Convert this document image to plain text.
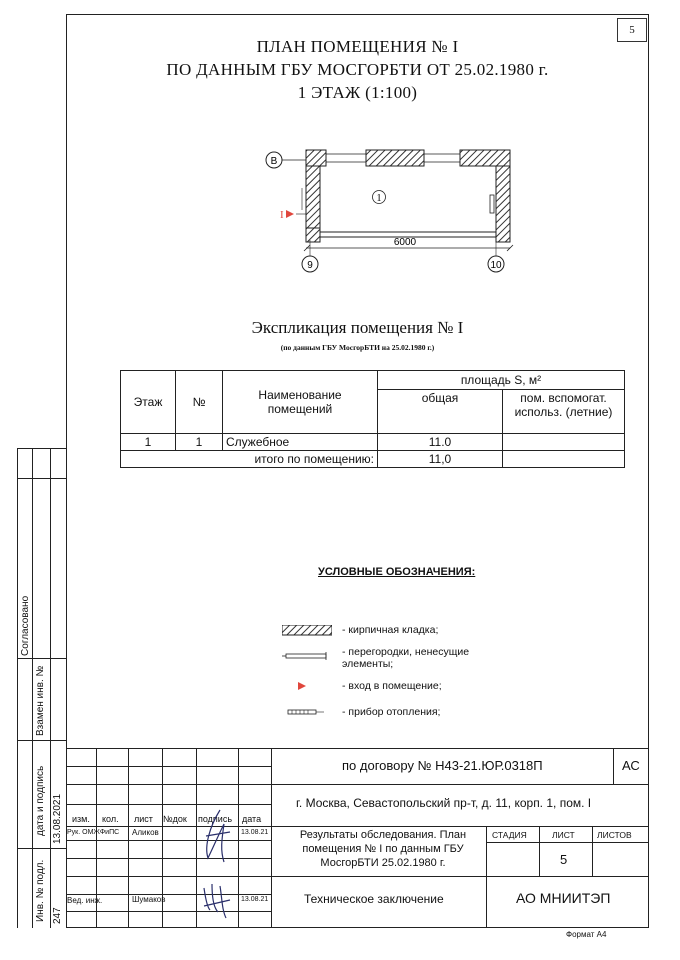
5
ПЛАН ПОМЕЩЕНИЯ № I
ПО ДАННЫМ ГБУ МОСГОРБТИ ОТ 25.02.1980 г.
1 ЭТАЖ (1:100)
В
I
1
6000
9	10
Экспликация помещения № I
(по данным ГБУ МосгорБТИ на 25.02.1980 г.)
Этаж	№	Наименование помещений	площадь S, м²	
			общая	пом. вспомогат. использ. (летние)
1	1	Служебное	11.0	
итого по помещению:			11,0	
УСЛОВНЫЕ ОБОЗНАЧЕНИЯ:
- кирпичная кладка;
- перегородки, ненесущие элементы;
- вход в помещение;
- прибор отопления;
Согласовано
Взамен инв. №
дата и подпись 13.08.2021
Инв. № подл. 247
по договору № Н43-21.ЮР.0318П	АС
г. Москва, Севастопольский пр-т, д. 11, корп. 1, пом. I
изм. кол. лист №док подпись дата
Рук. ОМЖФиПС Аликов	13.08.21
Вед. инж.	Шумаков	13.08.21
Результаты обследования. План помещения № I по данным ГБУ МосгорБТИ 25.02.1980 г.
СТАДИЯ	ЛИСТ	ЛИСТОВ
5
Техническое заключение	АО МНИИТЭП
Формат А4
